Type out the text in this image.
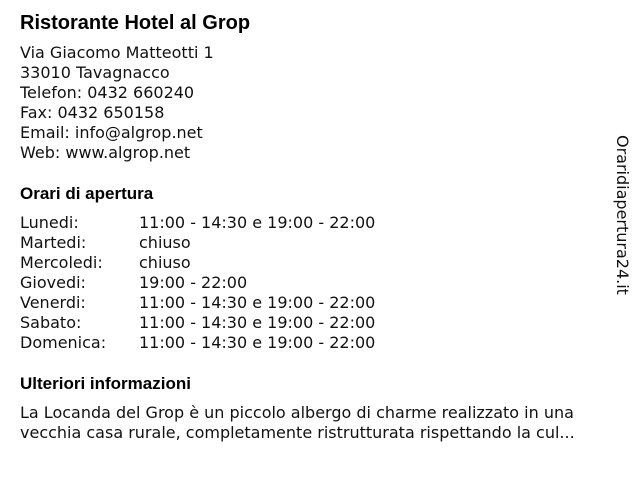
Ristorante Hotel al Grop
Via Giacomo Matteotti 1
33010 Tavagnacco
Telefon: 0432 660240
Fax: 0432 650158
Email: info@algrop.net
Web: www.algrop.net
Orari di apertura
Lunedi:	11:00 - 14:30 e 19:00 - 22:00
Martedi:	chiuso
Mercoledi:	chiuso
Giovedi:	19:00 - 22:00
Venerdi:	11:00 - 14:30 e 19:00 - 22:00
Sabato:	11:00 - 14:30 e 19:00 - 22:00
Domenica:	11:00 - 14:30 e 19:00 - 22:00
Ulteriori informazioni
La Locanda del Grop è un piccolo albergo di charme realizzato in una
vecchia casa rurale, completamente ristrutturata rispettando la cul...
Oraridiapertura24.it
